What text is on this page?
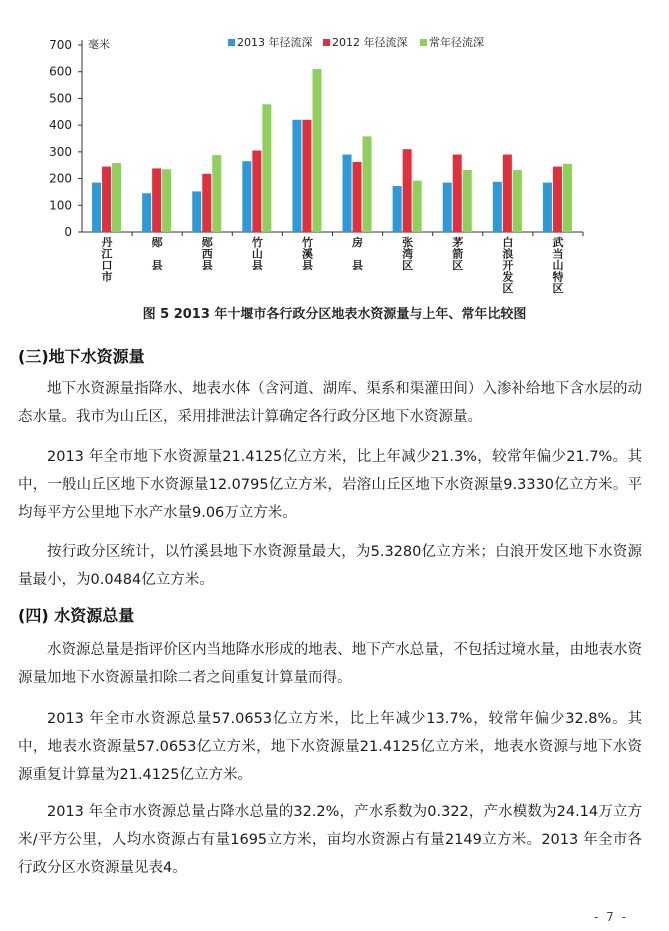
毫米	2013 年径流深 2012 年径流深 常年径流深
0
100
200
300
400
500
600
700
丹江口市
郧县
郧西县
竹山县
竹溪县
房县
张湾区
茅箭区
白浪开发区
武当山特区
图 5 2013 年十堰市各行政分区地表水资源量与上年、常年比较图
(三)地下水资源量
地下水资源量指降水、地表水体（含河道、湖库、渠系和渠灌田间）入渗补给地下含水层的动态水量。我市为山丘区，采用排泄法计算确定各行政分区地下水资源量。
2013 年全市地下水资源量21.4125亿立方米，比上年减少21.3%，较常年偏少21.7%。其中，一般山丘区地下水资源量12.0795亿立方米，岩溶山丘区地下水资源量9.3330亿立方米。平均每平方公里地下水产水量9.06万立方米。
按行政分区统计，以竹溪县地下水资源量最大，为5.3280亿立方米；白浪开发区地下水资源量最小，为0.0484亿立方米。
(四) 水资源总量
水资源总量是指评价区内当地降水形成的地表、地下产水总量，不包括过境水量，由地表水资源量加地下水资源量扣除二者之间重复计算量而得。
2013 年全市水资源总量57.0653亿立方米，比上年减少13.7%，较常年偏少32.8%。其中，地表水资源量57.0653亿立方米，地下水资源量21.4125亿立方米，地表水资源与地下水资源重复计算量为21.4125亿立方米。
2013 年全市水资源总量占降水总量的32.2%，产水系数为0.322，产水模数为24.14万立方米/平方公里，人均水资源占有量1695立方米，亩均水资源占有量2149立方米。2013 年全市各行政分区水资源量见表4。
- 7 -
